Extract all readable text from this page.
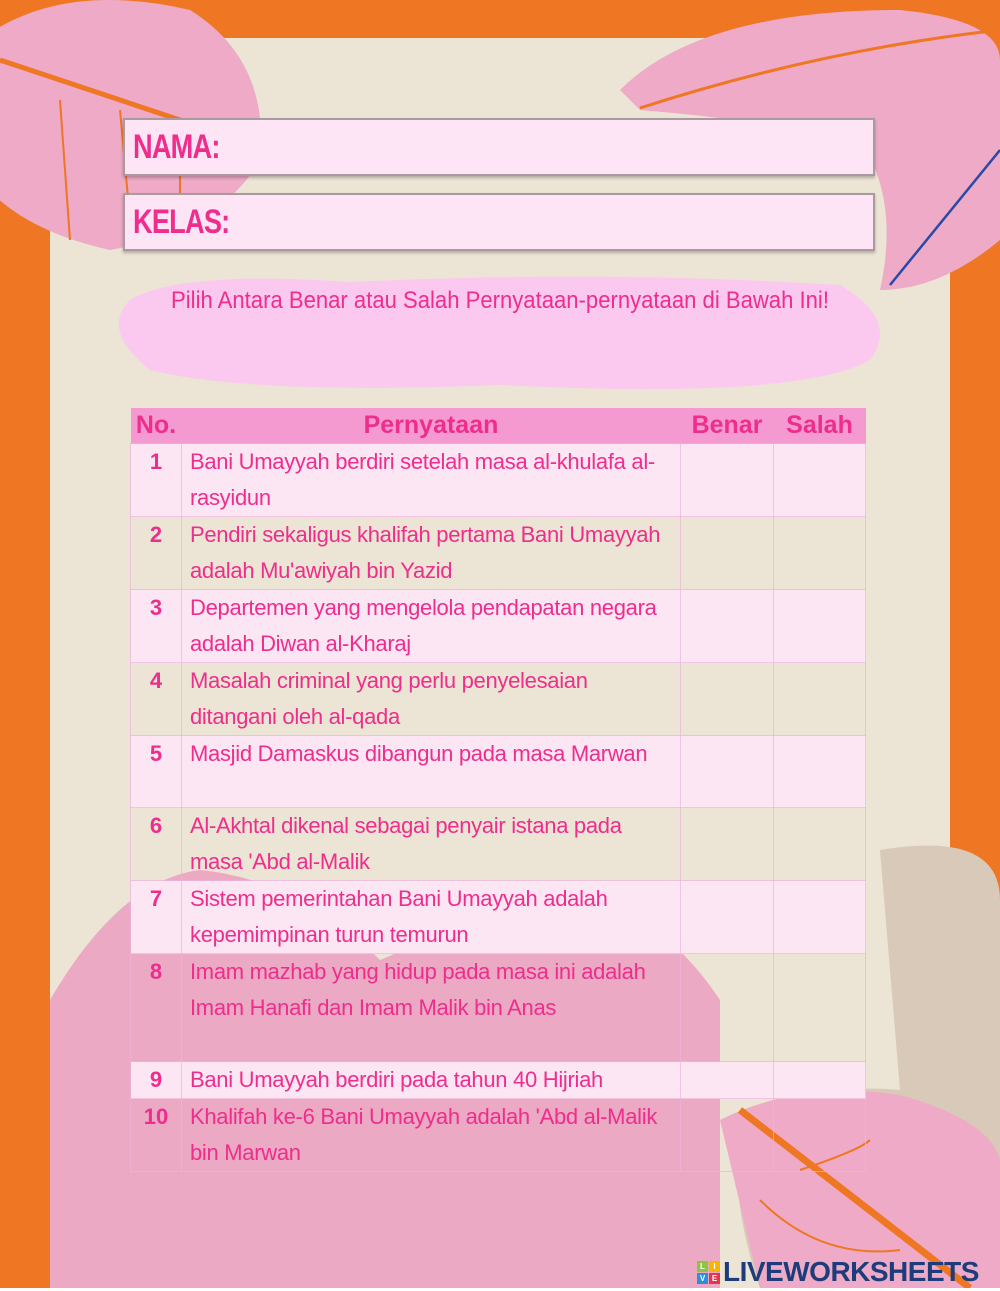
NAMA:
KELAS:
Pilih Antara Benar atau Salah Pernyataan-pernyataan di Bawah Ini!
No.	Pernyataan	Benar	Salah
1	Bani Umayyah berdiri setelah masa al-khulafa al-rasyidun		
2	Pendiri sekaligus khalifah pertama Bani Umayyah adalah Mu'awiyah bin Yazid		
3	Departemen yang mengelola pendapatan negara adalah Diwan al-Kharaj		
4	Masalah criminal yang perlu penyelesaian ditangani oleh al-qada		
5	Masjid Damaskus dibangun pada masa Marwan		
6	Al-Akhtal dikenal sebagai penyair istana pada masa 'Abd al-Malik		
7	Sistem pemerintahan Bani Umayyah adalah kepemimpinan turun temurun		
8	Imam mazhab yang hidup pada masa ini adalah Imam Hanafi dan Imam Malik bin Anas		
9	Bani Umayyah berdiri pada tahun 40 Hijriah		
10	Khalifah ke-6 Bani Umayyah adalah 'Abd al-Malik bin Marwan		
L	I
V E LIVEWORKSHEETS
